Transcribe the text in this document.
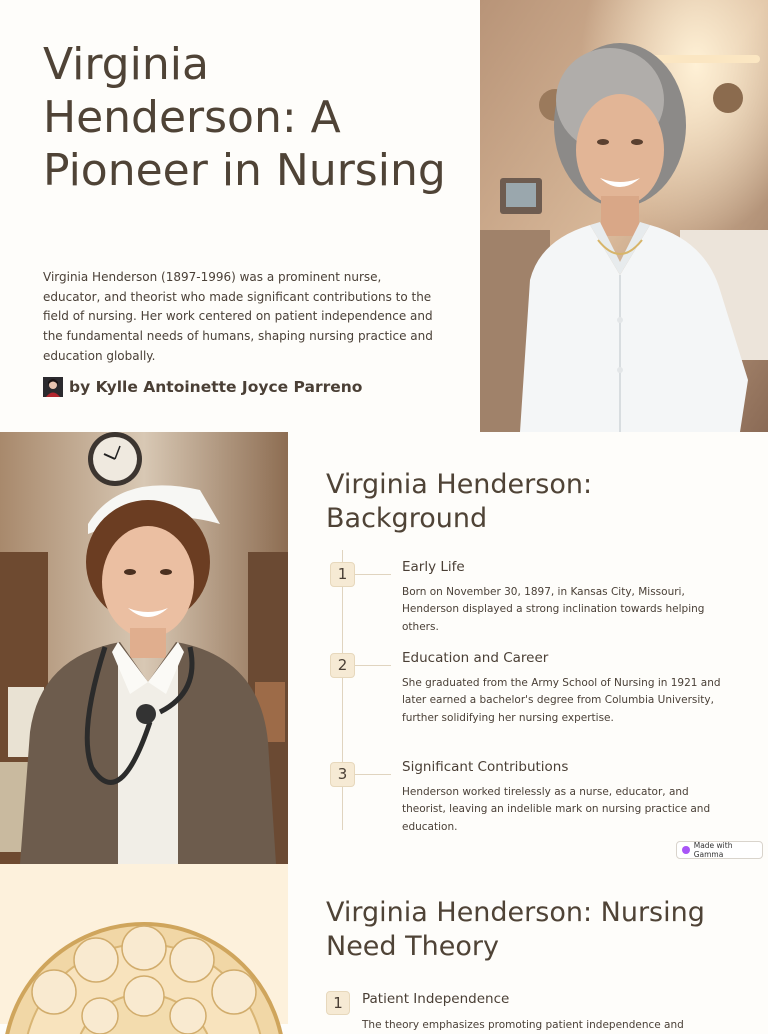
Virginia Henderson: A Pioneer in Nursing

Virginia Henderson (1897-1996) was a prominent nurse, educator, and theorist who made significant contributions to the field of nursing. Her work centered on patient independence and the fundamental needs of humans, shaping nursing practice and education globally.

by Kylle Antoinette Joyce Parreno
Virginia Henderson: Background
1	Early Life
Born on November 30, 1897, in Kansas City, Missouri, Henderson displayed a strong inclination towards helping others.
2	Education and Career
She graduated from the Army School of Nursing in 1921 and later earned a bachelor's degree from Columbia University, further solidifying her nursing expertise.
3	Significant Contributions
Henderson worked tirelessly as a nurse, educator, and theorist, leaving an indelible mark on nursing practice and education.
Made with Gamma
Virginia Henderson: Nursing Need Theory
1	Patient Independence
The theory emphasizes promoting patient independence and
